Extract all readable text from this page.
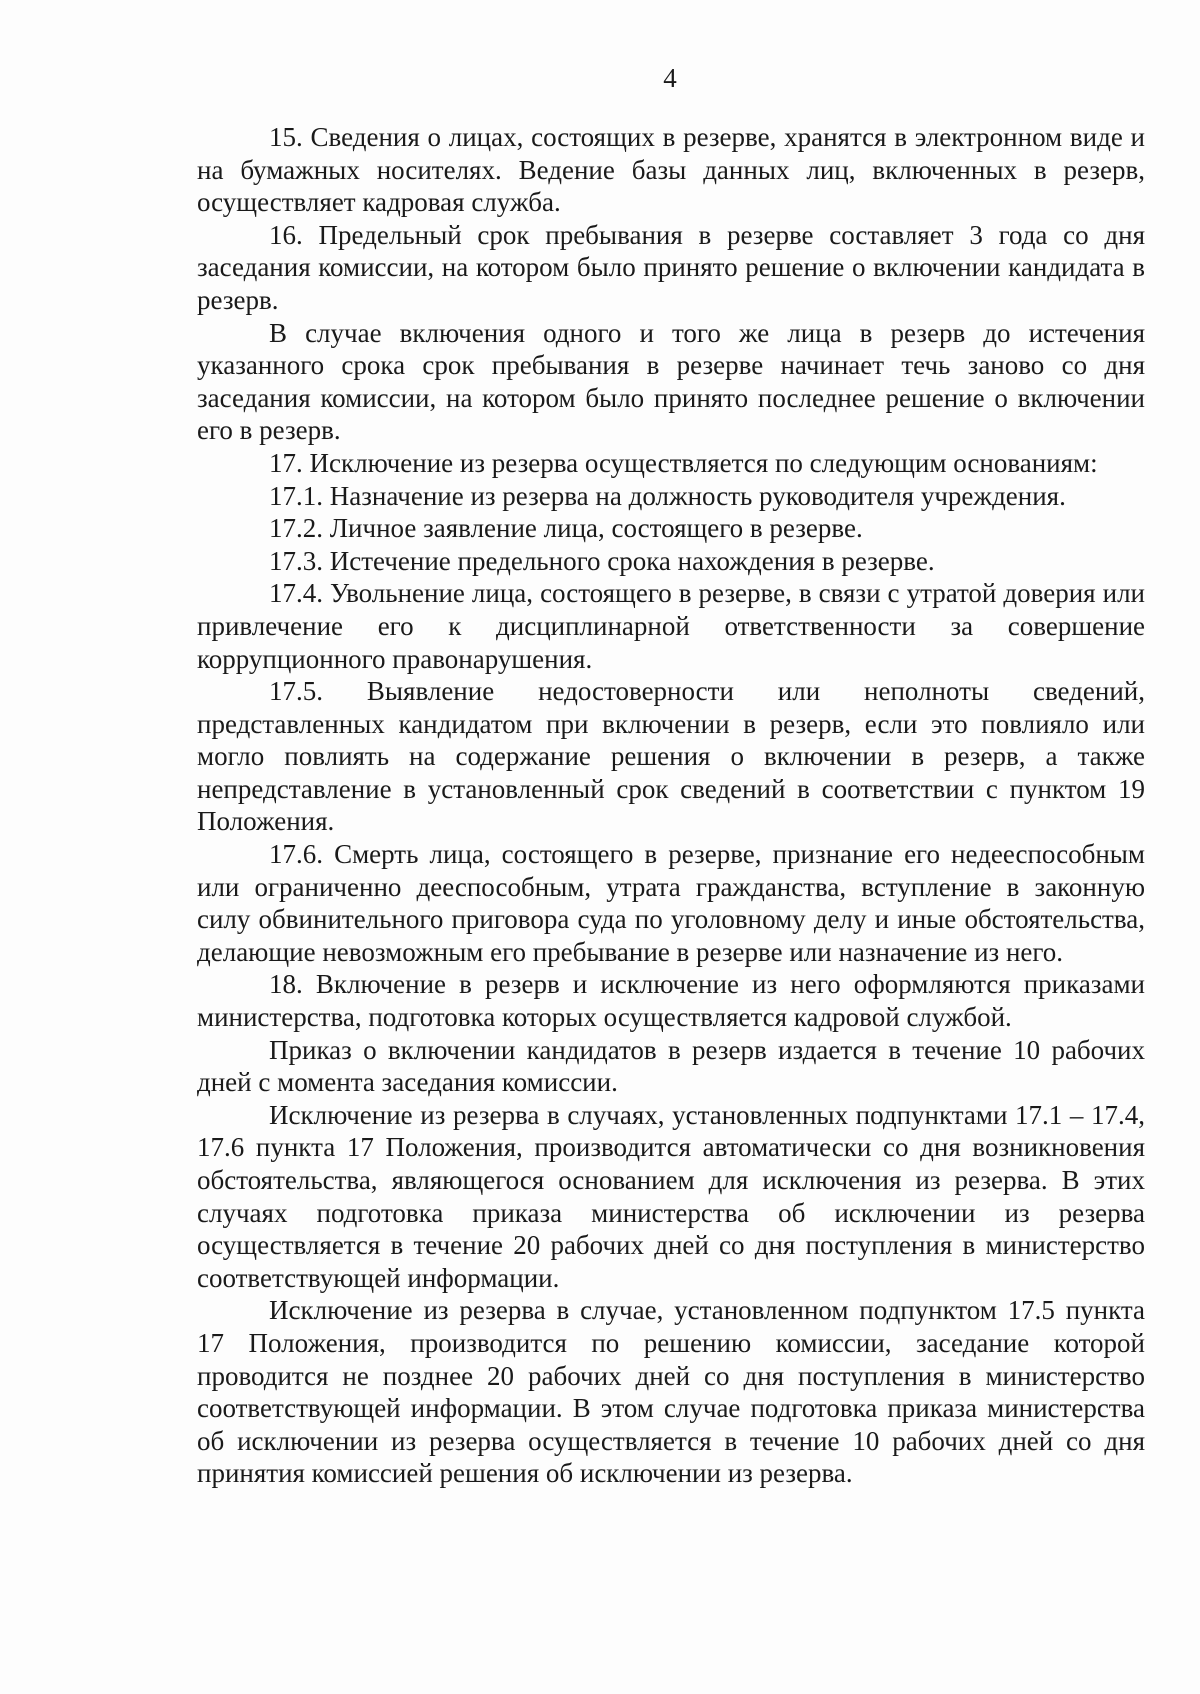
4

15. Сведения о лицах, состоящих в резерве, хранятся в электронном виде и на бумажных носителях. Ведение базы данных лиц, включенных в резерв, осуществляет кадровая служба.

16. Предельный срок пребывания в резерве составляет 3 года со дня заседания комиссии, на котором было принято решение о включении кандидата в резерв.

В случае включения одного и того же лица в резерв до истечения указанного срока срок пребывания в резерве начинает течь заново со дня заседания комиссии, на котором было принято последнее решение о включении его в резерв.

17. Исключение из резерва осуществляется по следующим основаниям:

17.1. Назначение из резерва на должность руководителя учреждения.

17.2. Личное заявление лица, состоящего в резерве.

17.3. Истечение предельного срока нахождения в резерве.

17.4. Увольнение лица, состоящего в резерве, в связи с утратой доверия или привлечение его к дисциплинарной ответственности за совершение коррупционного правонарушения.

17.5. Выявление недостоверности или неполноты сведений, представленных кандидатом при включении в резерв, если это повлияло или могло повлиять на содержание решения о включении в резерв, а также непредставление в установленный срок сведений в соответствии с пунктом 19 Положения.

17.6. Смерть лица, состоящего в резерве, признание его недееспособным или ограниченно дееспособным, утрата гражданства, вступление в законную силу обвинительного приговора суда по уголовному делу и иные обстоятельства, делающие невозможным его пребывание в резерве или назначение из него.

18. Включение в резерв и исключение из него оформляются приказами министерства, подготовка которых осуществляется кадровой службой.

Приказ о включении кандидатов в резерв издается в течение 10 рабочих дней с момента заседания комиссии.

Исключение из резерва в случаях, установленных подпунктами 17.1 – 17.4, 17.6 пункта 17 Положения, производится автоматически со дня возникновения обстоятельства, являющегося основанием для исключения из резерва. В этих случаях подготовка приказа министерства об исключении из резерва осуществляется в течение 20 рабочих дней со дня поступления в министерство соответствующей информации.

Исключение из резерва в случае, установленном подпунктом 17.5 пункта 17 Положения, производится по решению комиссии, заседание которой проводится не позднее 20 рабочих дней со дня поступления в министерство соответствующей информации. В этом случае подготовка приказа министерства об исключении из резерва осуществляется в течение 10 рабочих дней со дня принятия комиссией решения об исключении из резерва.
